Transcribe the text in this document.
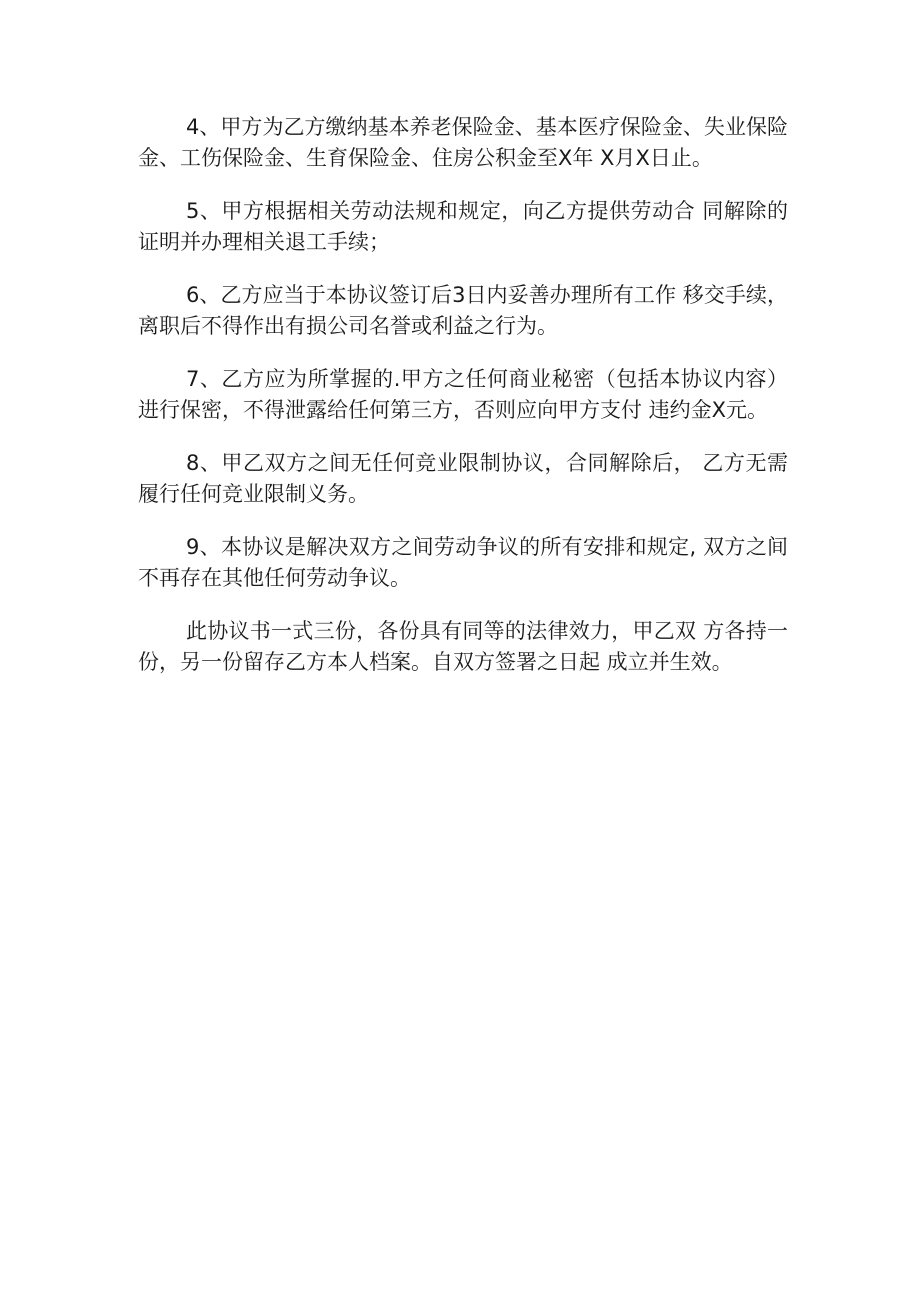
4、甲方为乙方缴纳基本养老保险金、基本医疗保险金、失业保险金、工伤保险金、生育保险金、住房公积金至X年 X月X日止。

5、甲方根据相关劳动法规和规定，向乙方提供劳动合 同解除的证明并办理相关退工手续；

6、乙方应当于本协议签订后3日内妥善办理所有工作 移交手续，离职后不得作出有损公司名誉或利益之行为。

7、乙方应为所掌握的.甲方之任何商业秘密（包括本协议内容）进行保密，不得泄露给任何第三方，否则应向甲方支付 违约金X元。

8、甲乙双方之间无任何竞业限制协议，合同解除后， 乙方无需履行任何竞业限制义务。

9、本协议是解决双方之间劳动争议的所有安排和规定, 双方之间不再存在其他任何劳动争议。

此协议书一式三份，各份具有同等的法律效力，甲乙双 方各持一份，另一份留存乙方本人档案。自双方签署之日起 成立并生效。
